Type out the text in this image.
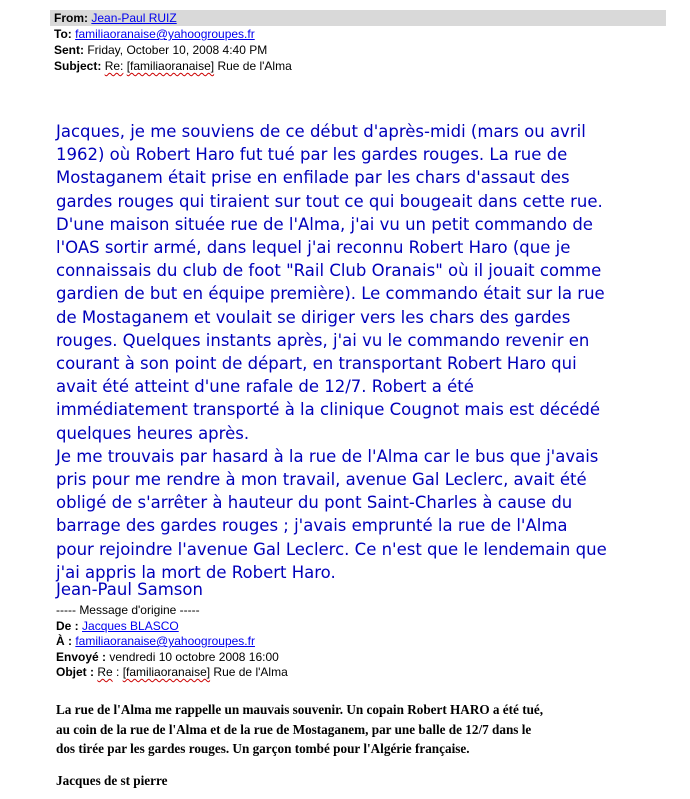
From: Jean-Paul RUIZ
To: familiaoranaise@yahoogroupes.fr
Sent: Friday, October 10, 2008 4:40 PM
Subject: Re: [familiaoranaise] Rue de l'Alma

Jacques, je me souviens de ce début d'après-midi (mars ou avril
1962) où Robert Haro fut tué par les gardes rouges. La rue de
Mostaganem était prise en enfilade par les chars d'assaut des
gardes rouges qui tiraient sur tout ce qui bougeait dans cette rue.
D'une maison située rue de l'Alma, j'ai vu un petit commando de
l'OAS sortir armé, dans lequel j'ai reconnu Robert Haro (que je
connaissais du club de foot "Rail Club Oranais" où il jouait comme
gardien de but en équipe première). Le commando était sur la rue
de Mostaganem et voulait se diriger vers les chars des gardes
rouges. Quelques instants après, j'ai vu le commando revenir en
courant à son point de départ, en transportant Robert Haro qui
avait été atteint d'une rafale de 12/7. Robert a été
immédiatement transporté à la clinique Cougnot mais est décédé
quelques heures après.

Je me trouvais par hasard à la rue de l'Alma car le bus que j'avais
pris pour me rendre à mon travail, avenue Gal Leclerc, avait été
obligé de s'arrêter à hauteur du pont Saint-Charles à cause du
barrage des gardes rouges ; j'avais emprunté la rue de l'Alma
pour rejoindre l'avenue Gal Leclerc. Ce n'est que le lendemain que
j'ai appris la mort de Robert Haro.

Jean-Paul Samson
----- Message d'origine -----
De : Jacques BLASCO
À : familiaoranaise@yahoogroupes.fr
Envoyé : vendredi 10 octobre 2008 16:00
Objet : Re : [familiaoranaise] Rue de l'Alma
La rue de l'Alma me rappelle un mauvais souvenir. Un copain Robert HARO a été tué,
au coin de la rue de l'Alma et de la rue de Mostaganem, par une balle de 12/7 dans le
dos tirée par les gardes rouges. Un garçon tombé pour l'Algérie française.
Jacques de st pierre
